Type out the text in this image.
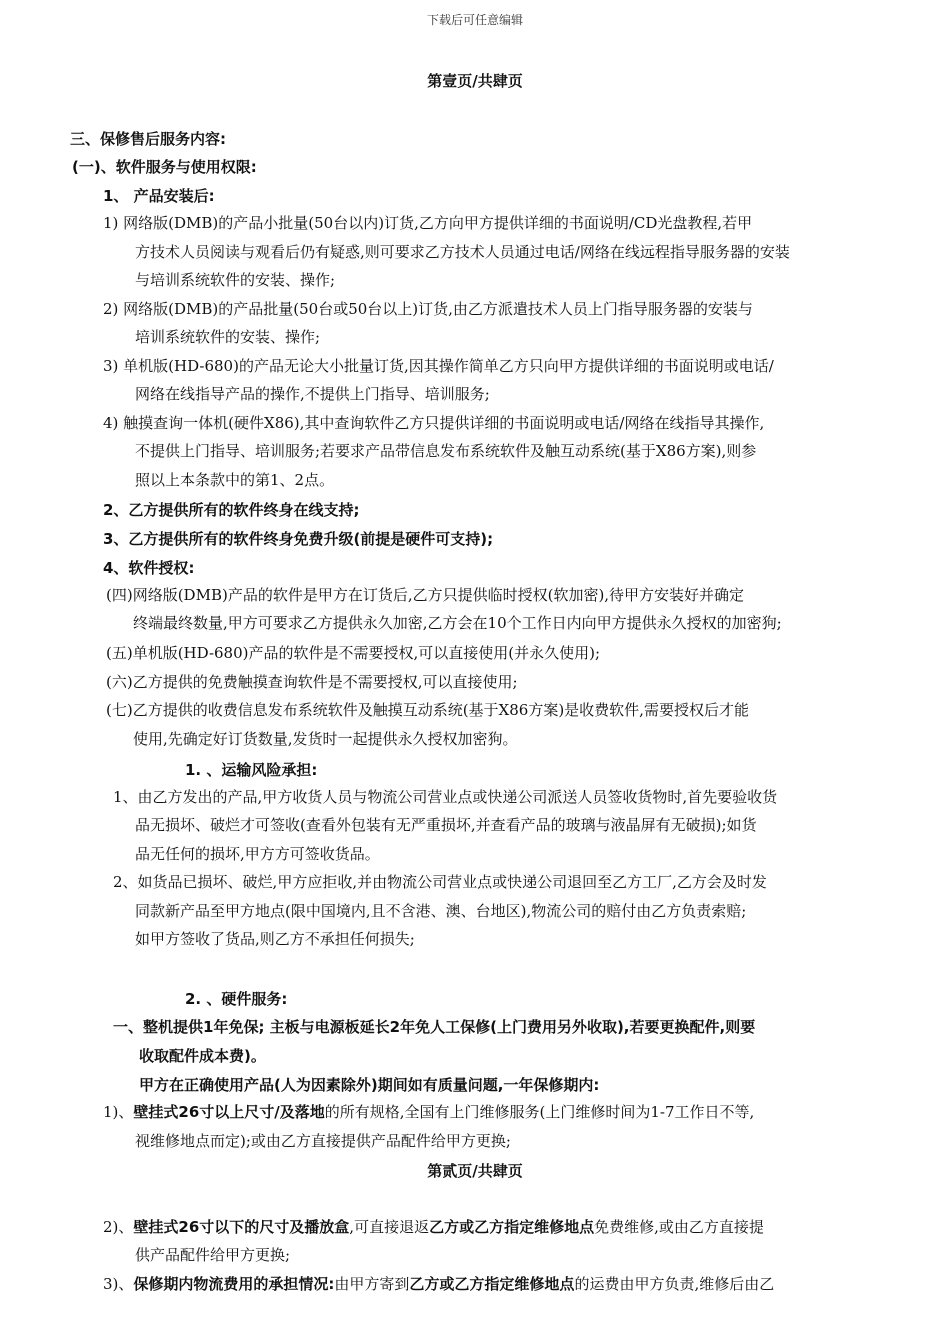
下载后可任意编辑
第壹页/共肆页
三、保修售后服务内容:
(一)、软件服务与使用权限:
1、 产品安装后:
1) 网络版(DMB)的产品小批量(50台以内)订货,乙方向甲方提供详细的书面说明/CD光盘教程,若甲
方技术人员阅读与观看后仍有疑惑,则可要求乙方技术人员通过电话/网络在线远程指导服务器的安装
与培训系统软件的安装、操作;
2) 网络版(DMB)的产品批量(50台或50台以上)订货,由乙方派遣技术人员上门指导服务器的安装与
培训系统软件的安装、操作;
3) 单机版(HD-680)的产品无论大小批量订货,因其操作简单乙方只向甲方提供详细的书面说明或电话/
网络在线指导产品的操作,不提供上门指导、培训服务;
4) 触摸查询一体机(硬件X86),其中查询软件乙方只提供详细的书面说明或电话/网络在线指导其操作,
不提供上门指导、培训服务;若要求产品带信息发布系统软件及触互动系统(基于X86方案),则参
照以上本条款中的第1、2点。
2、乙方提供所有的软件终身在线支持;
3、乙方提供所有的软件终身免费升级(前提是硬件可支持);
4、软件授权:
(四)网络版(DMB)产品的软件是甲方在订货后,乙方只提供临时授权(软加密),待甲方安装好并确定
终端最终数量,甲方可要求乙方提供永久加密,乙方会在10个工作日内向甲方提供永久授权的加密狗;
(五)单机版(HD-680)产品的软件是不需要授权,可以直接使用(并永久使用);
(六)乙方提供的免费触摸查询软件是不需要授权,可以直接使用;
(七)乙方提供的收费信息发布系统软件及触摸互动系统(基于X86方案)是收费软件,需要授权后才能
使用,先确定好订货数量,发货时一起提供永久授权加密狗。
1. 、运输风险承担:
1、由乙方发出的产品,甲方收货人员与物流公司营业点或快递公司派送人员签收货物时,首先要验收货
品无损坏、破烂才可签收(查看外包装有无严重损坏,并查看产品的玻璃与液晶屏有无破损);如货
品无任何的损坏,甲方方可签收货品。
2、如货品已损坏、破烂,甲方应拒收,并由物流公司营业点或快递公司退回至乙方工厂,乙方会及时发
同款新产品至甲方地点(限中国境内,且不含港、澳、台地区),物流公司的赔付由乙方负责索赔;
如甲方签收了货品,则乙方不承担任何损失;
2. 、硬件服务:
一、整机提供1年免保; 主板与电源板延长2年免人工保修(上门费用另外收取),若要更换配件,则要
收取配件成本费)。
甲方在正确使用产品(人为因素除外)期间如有质量问题,一年保修期内:
1)、壁挂式26寸以上尺寸/及落地的所有规格,全国有上门维修服务(上门维修时间为1-7工作日不等,
视维修地点而定);或由乙方直接提供产品配件给甲方更换;
第贰页/共肆页
2)、壁挂式26寸以下的尺寸及播放盒,可直接退返乙方或乙方指定维修地点免费维修,或由乙方直接提
供产品配件给甲方更换;
3)、保修期内物流费用的承担情况:由甲方寄到乙方或乙方指定维修地点的运费由甲方负责,维修后由乙
